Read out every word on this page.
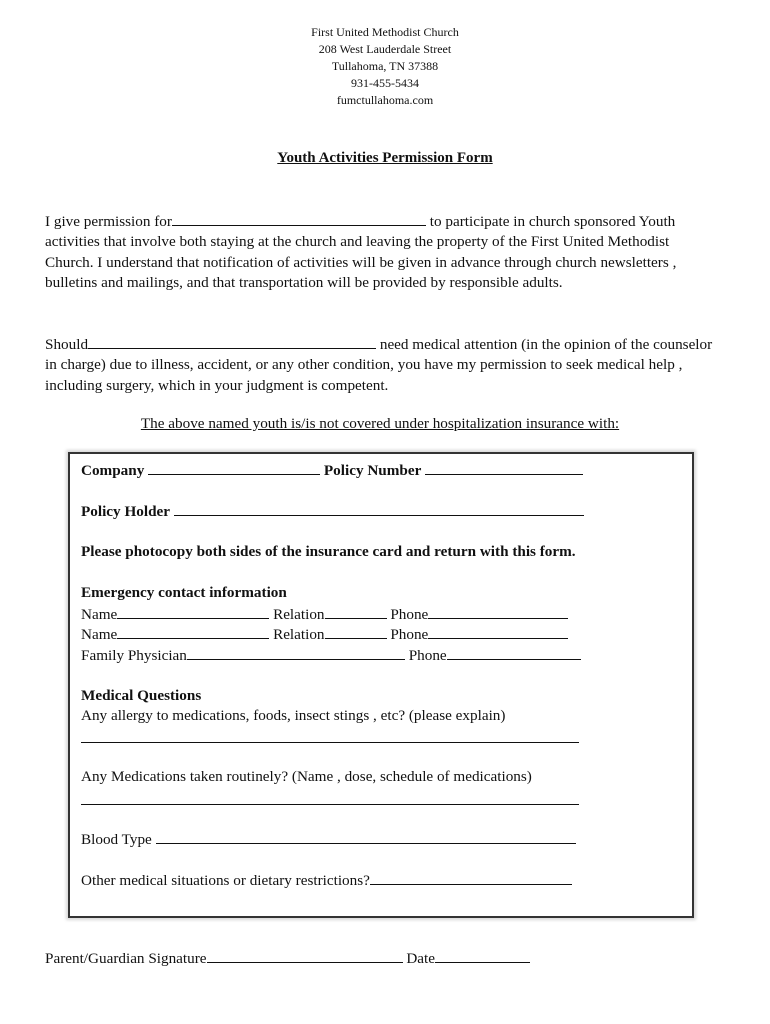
First United Methodist Church
208 West Lauderdale Street
Tullahoma, TN 37388
931-455-5434
fumctullahoma.com
Youth Activities Permission Form
I give permission for	to participate in church sponsored Youth activities that involve both staying at the church and leaving the property of the First United Methodist Church. I understand that notification of activities will be given in advance through church newsletters , bulletins and mailings, and that transportation will be provided by responsible adults.
Should	need medical attention (in the opinion of the counselor in charge) due to illness, accident, or any other condition, you have my permission to seek medical help , including surgery, which in your judgment is competent.
The above named youth is/is not covered under hospitalization insurance with:
Company	Policy Number
Policy Holder
Please photocopy both sides of the insurance card and return with this form.
Emergency contact information
Name	Relation	Phone
Name	Relation	Phone
Family Physician	Phone
Medical Questions
Any allergy to medications, foods, insect stings , etc? (please explain)
Any Medications taken routinely? (Name , dose, schedule of medications)
Blood Type
Other medical situations or dietary restrictions?
Parent/Guardian Signature	Date
